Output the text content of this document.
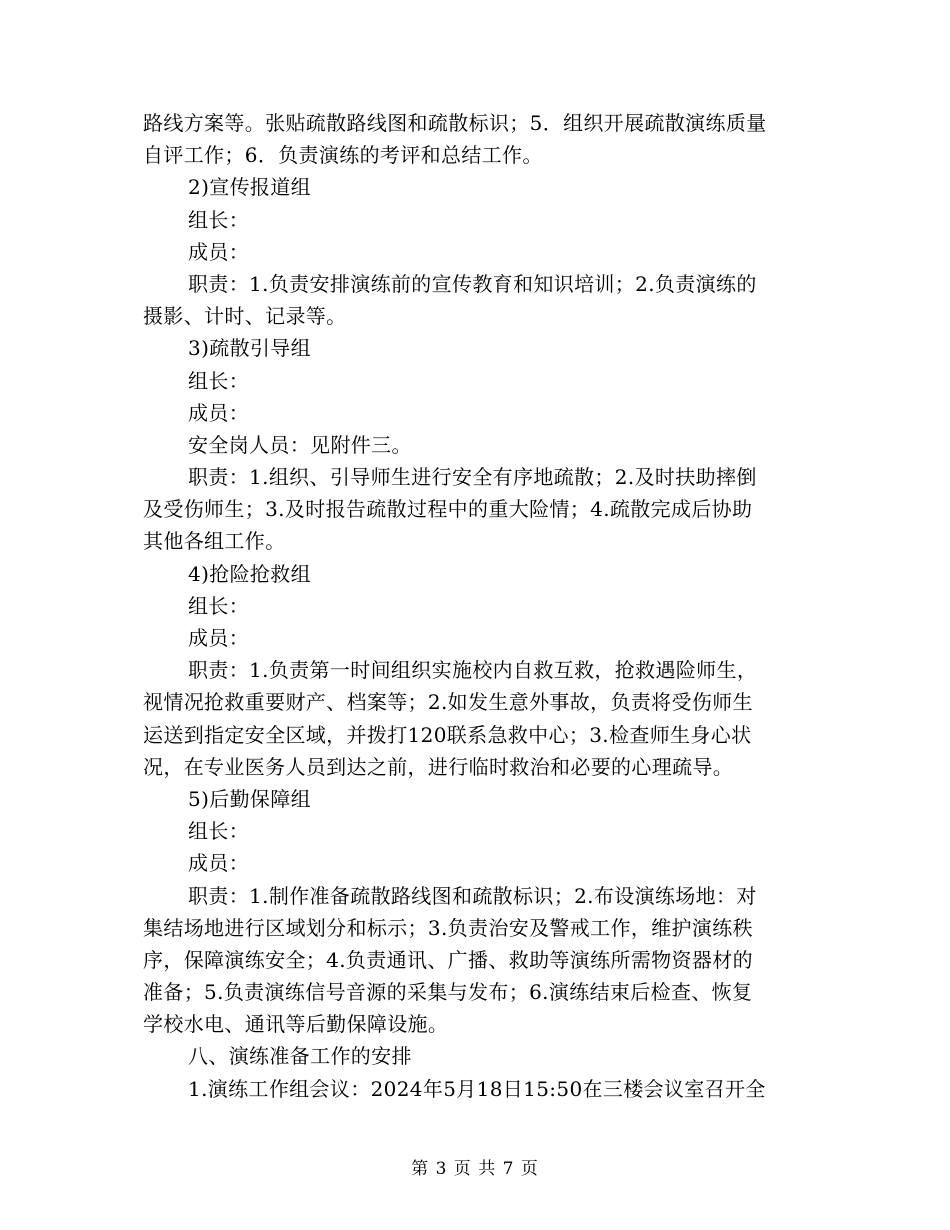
路线方案等。张贴疏散路线图和疏散标识；5．组织开展疏散演练质量
自评工作；6．负责演练的考评和总结工作。
2)宣传报道组
组长：
成员：
职责：1.负责安排演练前的宣传教育和知识培训；2.负责演练的
摄影、计时、记录等。
3)疏散引导组
组长：
成员：
安全岗人员：见附件三。
职责：1.组织、引导师生进行安全有序地疏散；2.及时扶助摔倒
及受伤师生；3.及时报告疏散过程中的重大险情；4.疏散完成后协助
其他各组工作。
4)抢险抢救组
组长：
成员：
职责：1.负责第一时间组织实施校内自救互救，抢救遇险师生，
视情况抢救重要财产、档案等；2.如发生意外事故，负责将受伤师生
运送到指定安全区域，并拨打120联系急救中心；3.检查师生身心状
况，在专业医务人员到达之前，进行临时救治和必要的心理疏导。
5)后勤保障组
组长：
成员：
职责：1.制作准备疏散路线图和疏散标识；2.布设演练场地：对
集结场地进行区域划分和标示；3.负责治安及警戒工作，维护演练秩
序，保障演练安全；4.负责通讯、广播、救助等演练所需物资器材的
准备；5.负责演练信号音源的采集与发布；6.演练结束后检查、恢复
学校水电、通讯等后勤保障设施。
八、演练准备工作的安排
1.演练工作组会议：2024年5月18日15:50在三楼会议室召开全
第 3 页 共 7 页
